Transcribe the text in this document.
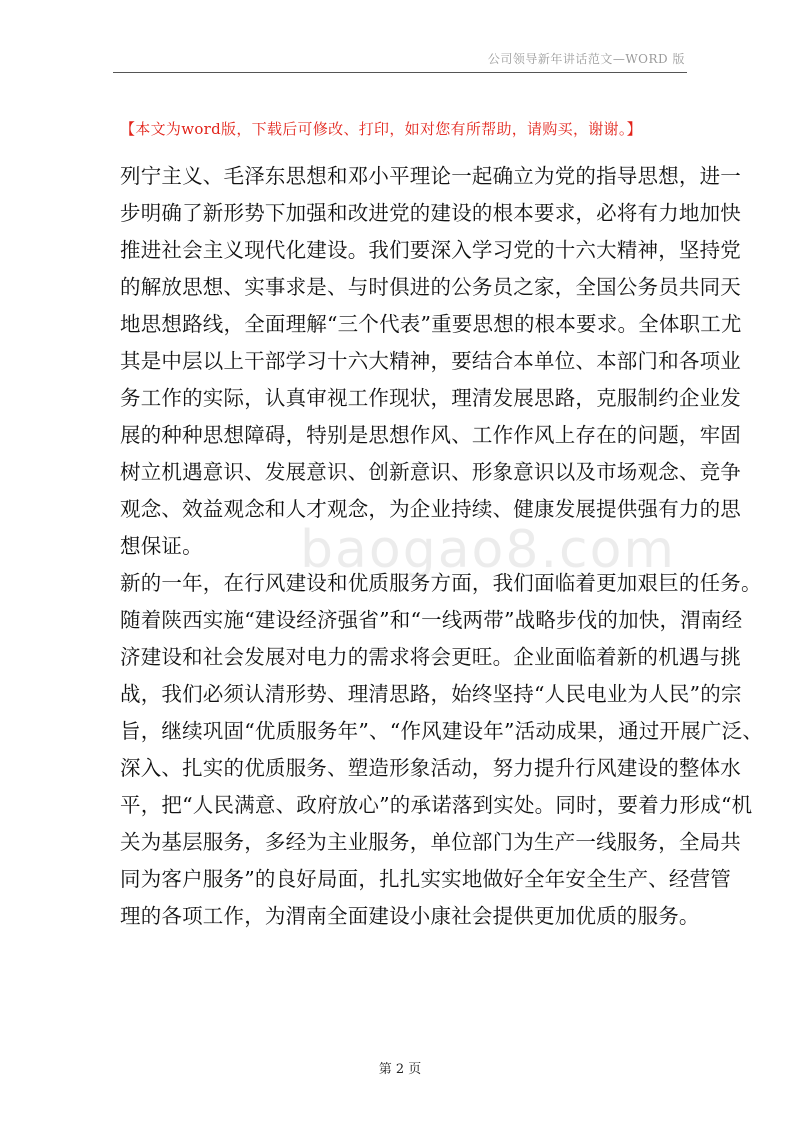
公司领导新年讲话范文—WORD 版
【本文为word版，下载后可修改、打印，如对您有所帮助，请购买，谢谢。】
列宁主义、毛泽东思想和邓小平理论一起确立为党的指导思想，进一
步明确了新形势下加强和改进党的建设的根本要求，必将有力地加快
推进社会主义现代化建设。我们要深入学习党的十六大精神，坚持党
的解放思想、实事求是、与时俱进的公务员之家，全国公务员共同天
地思想路线，全面理解“三个代表”重要思想的根本要求。全体职工尤
其是中层以上干部学习十六大精神，要结合本单位、本部门和各项业
务工作的实际，认真审视工作现状，理清发展思路，克服制约企业发
展的种种思想障碍，特别是思想作风、工作作风上存在的问题，牢固
树立机遇意识、发展意识、创新意识、形象意识以及市场观念、竞争
观念、效益观念和人才观念，为企业持续、健康发展提供强有力的思
想保证。
新的一年，在行风建设和优质服务方面，我们面临着更加艰巨的任务。
随着陕西实施“建设经济强省”和“一线两带”战略步伐的加快，渭南经
济建设和社会发展对电力的需求将会更旺。企业面临着新的机遇与挑
战，我们必须认清形势、理清思路，始终坚持“人民电业为人民”的宗
旨，继续巩固“优质服务年”、“作风建设年”活动成果，通过开展广泛、
深入、扎实的优质服务、塑造形象活动，努力提升行风建设的整体水
平，把“人民满意、政府放心”的承诺落到实处。同时，要着力形成“机
关为基层服务，多经为主业服务，单位部门为生产一线服务，全局共
同为客户服务”的良好局面，扎扎实实地做好全年安全生产、经营管
理的各项工作，为渭南全面建设小康社会提供更加优质的服务。
baogao8.com
第 2 页
